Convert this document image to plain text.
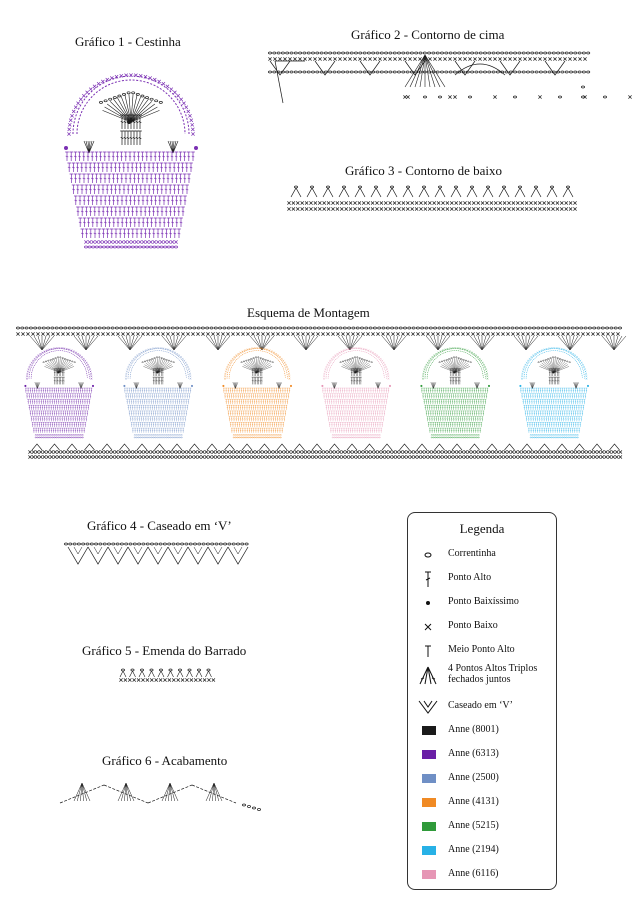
Gráfico 1 - Cestinha	Gráfico 2 - Contorno de cima
Gráfico 3 - Contorno de baixo
Esquema de Montagem
Gráfico 4 - Caseado em ‘V’
Gráfico 5 - Emenda do Barrado
Gráfico 6 - Acabamento
Legenda
Correntinha
Ponto Alto
Ponto Baixíssimo
Ponto Baixo
Meio Ponto Alto
4 Pontos Altos Triplos fechados juntos
Caseado em ‘V’
Anne (8001)
Anne (6313)
Anne (2500)
Anne (4131)
Anne (5215)
Anne (2194)
Anne (6116)
